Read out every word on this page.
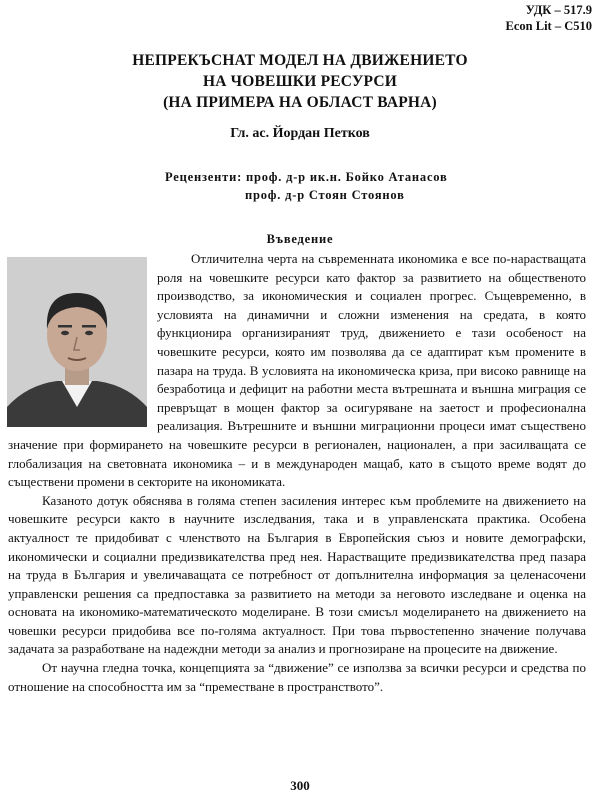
УДК – 517.9
Econ Lit – C510
НЕПРЕКЪСНАТ МОДЕЛ НА ДВИЖЕНИЕТО
НА ЧОВЕШКИ РЕСУРСИ
(НА ПРИМЕРА НА ОБЛАСТ ВАРНА)
Гл. ас. Йордан Петков
Рецензенти: проф. д-р ик.н. Бойко Атанасов
проф. д-р Стоян Стоянов
Въведение

Отличителна черта на съвременната икономика е все по-нарастващата роля на човешките ресурси като фактор за развитието на общественото производство, за икономическия и социален прогрес. Същевременно, в условията на динамични и сложни изменения на средата, в която функционира организираният труд, движението е тази особеност на човешките ресурси, която им позволява да се адаптират към промените в пазара на труда. В условията на икономическа криза, при високо равнище на безработица и дефицит на работни места вътрешната и външна миграция се превръщат в мощен фактор за осигуряване на заетост и професионална реализация. Вътрешните и външни миграционни процеси имат съществено значение при формирането на човешките ресурси в регионален, национален, а при засилващата се глобализация на световната икономика – и в международен мащаб, като в същото време водят до съществени промени в секторите на икономиката.

Казаното дотук обяснява в голяма степен засиления интерес към проблемите на движението на човешките ресурси както в научните изследвания, така и в управленската практика. Особена актуалност те придобиват с членството на България в Европейския съюз и новите демографски, икономически и социални предизвикателства пред нея. Нарастващите предизвикателства пред пазара на труда в България и увеличаващата се потребност от допълнителна информация за целенасочени управленски решения са предпоставка за развитието на методи за неговото изследване и оценка на основата на икономико-математическото моделиране. В този смисъл моделирането на движението на човешки ресурси придобива все по-голяма актуалност. При това първостепенно значение получава задачата за разработване на надеждни методи за анализ и прогнозиране на процесите на движение.

От научна гледна точка, концепцията за “движение” се използва за всички ресурси и средства по отношение на способността им за “преместване в пространството”.

300
